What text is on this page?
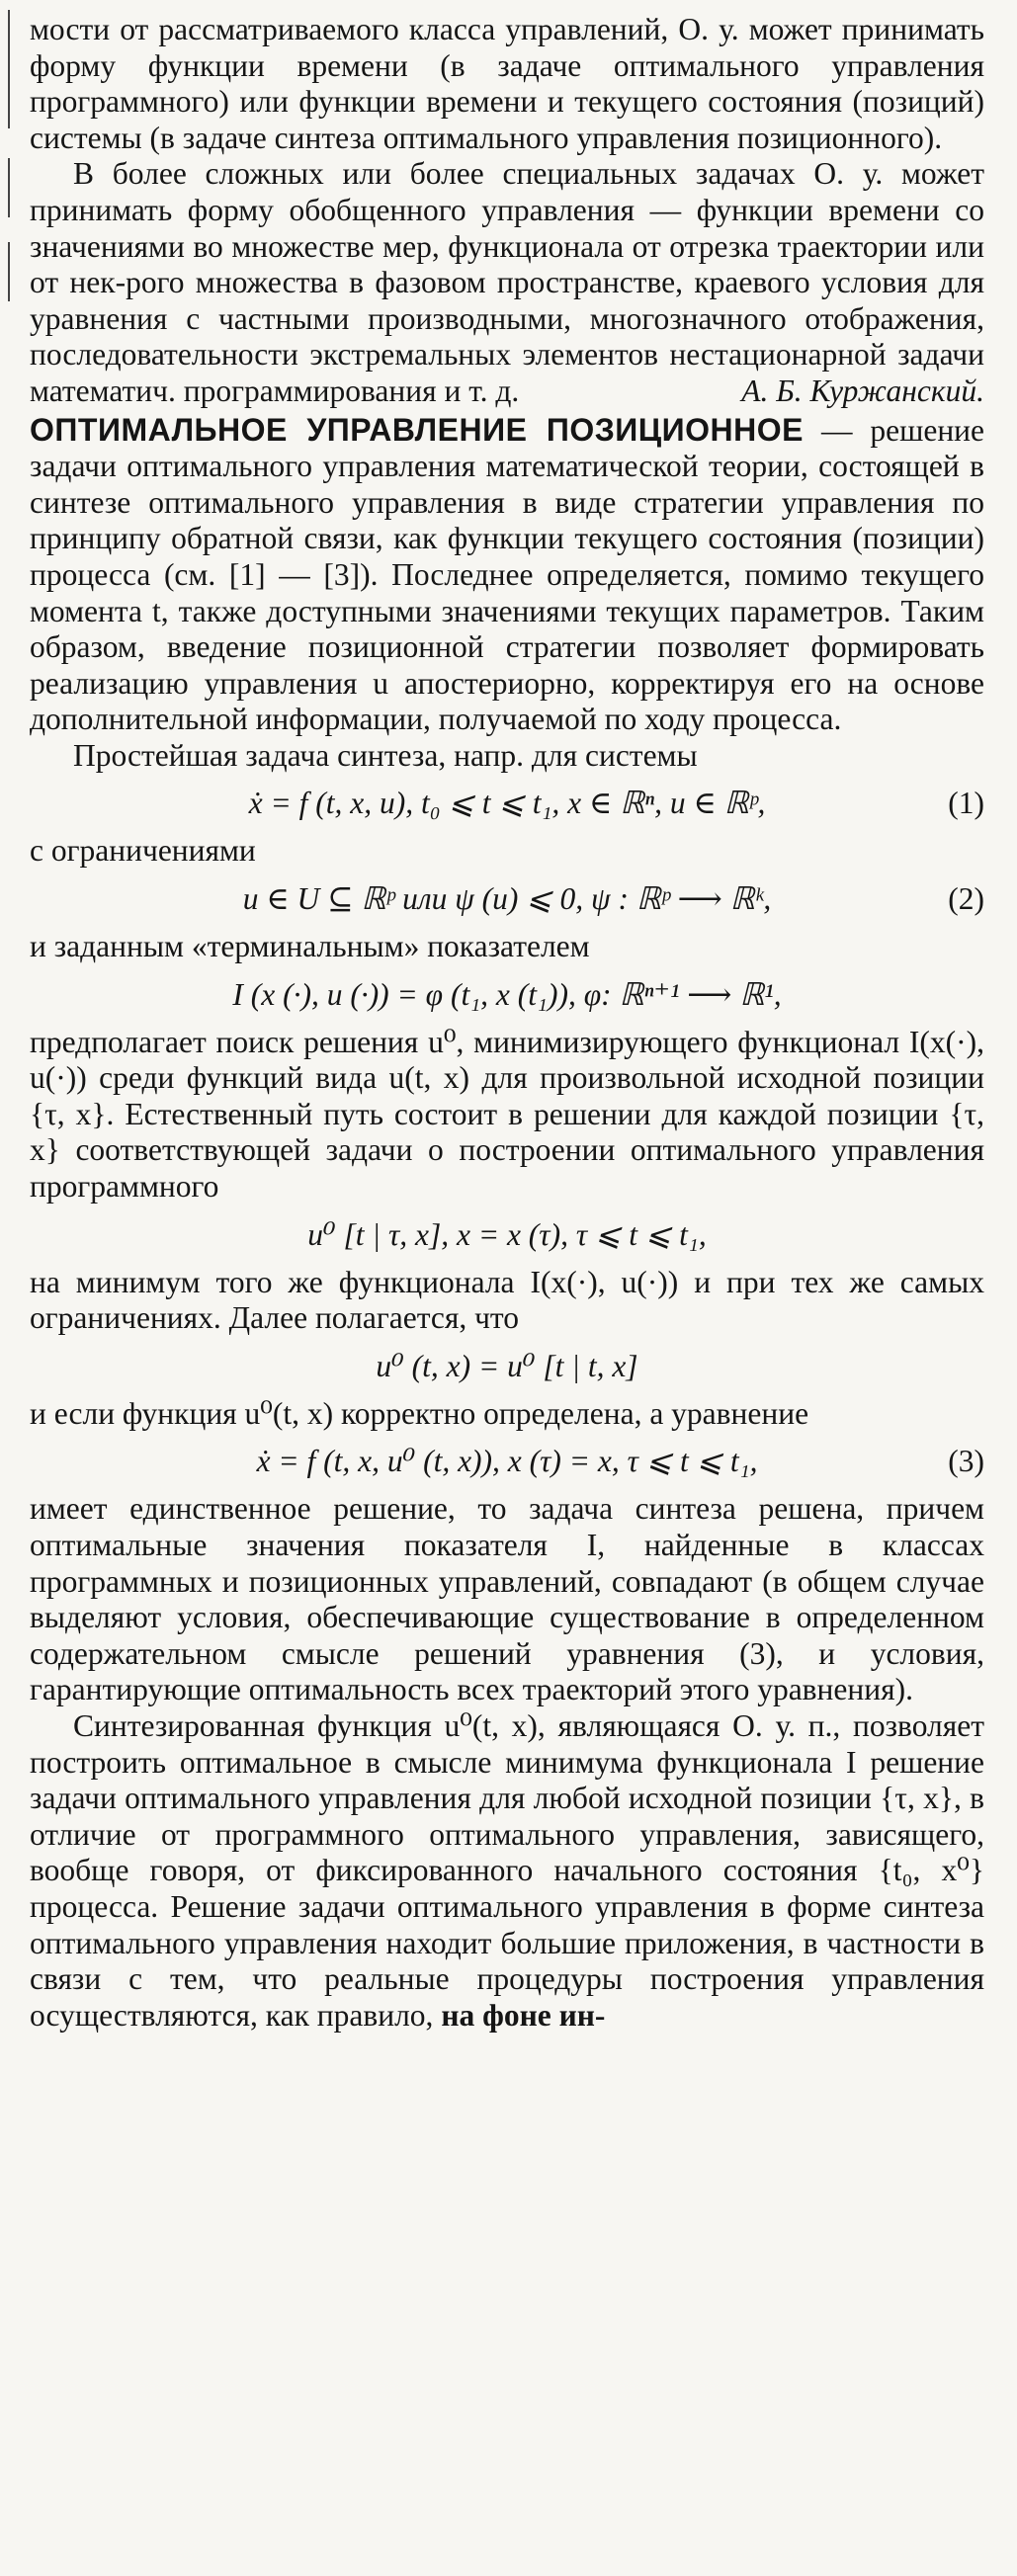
мости от рассматриваемого класса управлений, О. у. может принимать форму функции времени (в задаче оптимального управления программного) или функции времени и текущего состояния (позиций) системы (в задаче синтеза оптимального управления позиционного).

В более сложных или более специальных задачах О. у. может принимать форму обобщенного управления — функции времени со значениями во множестве мер, функционала от отрезка траектории или от нек-рого множества в фазовом пространстве, краевого условия для уравнения с частными производными, многозначного отображения, последовательности экстремальных элементов нестационарной задачи математич. программирования и т. д.	А. Б. Куржанский.

ОПТИМАЛЬНОЕ УПРАВЛЕНИЕ ПОЗИЦИОННОЕ — решение задачи оптимального управления математической теории, состоящей в синтезе оптимального управления в виде стратегии управления по принципу обратной связи, как функции текущего состояния (позиции) процесса (см. [1] — [3]). Последнее определяется, помимо текущего момента t, также доступными значениями текущих параметров. Таким образом, введение позиционной стратегии позволяет формировать реализацию управления u апостериорно, корректируя его на основе дополнительной информации, получаемой по ходу процесса.

Простейшая задача синтеза, напр. для системы

ẋ = f (t, x, u), t₀ ⩽ t ⩽ t₁, x ∈ ℝⁿ, u ∈ ℝᵖ,	(1)

с ограничениями

u ∈ U ⊆ ℝᵖ или ψ (u) ⩽ 0, ψ : ℝᵖ ⟶ ℝᵏ,	(2)

и заданным «терминальным» показателем

I (x (·), u (·)) = φ (t₁, x (t₁)), φ: ℝⁿ⁺¹ ⟶ ℝ¹,

предполагает поиск решения u⁰, минимизирующего функционал I(x(·), u(·)) среди функций вида u(t, x) для произвольной исходной позиции {τ, x}. Естественный путь состоит в решении для каждой позиции {τ, x} соответствующей задачи о построении оптимального управления программного

u⁰ [t | τ, x], x = x (τ), τ ⩽ t ⩽ t₁,

на минимум того же функционала I(x(·), u(·)) и при тех же самых ограничениях. Далее полагается, что

u⁰ (t, x) = u⁰ [t | t, x]

и если функция u⁰(t, x) корректно определена, а уравнение

ẋ = f (t, x, u⁰ (t, x)), x (τ) = x, τ ⩽ t ⩽ t₁,	(3)

имеет единственное решение, то задача синтеза решена, причем оптимальные значения показателя I, найденные в классах программных и позиционных управлений, совпадают (в общем случае выделяют условия, обеспечивающие существование в определенном содержательном смысле решений уравнения (3), и условия, гарантирующие оптимальность всех траекторий этого уравнения).

Синтезированная функция u⁰(t, x), являющаяся О. у. п., позволяет построить оптимальное в смысле минимума функционала I решение задачи оптимального управления для любой исходной позиции {τ, x}, в отличие от программного оптимального управления, зависящего, вообще говоря, от фиксированного начального состояния {t₀, x⁰} процесса. Решение задачи оптимального управления в форме синтеза оптимального управления находит большие приложения, в частности в связи с тем, что реальные процедуры построения управления осуществляются, как правило, на фоне ин-
